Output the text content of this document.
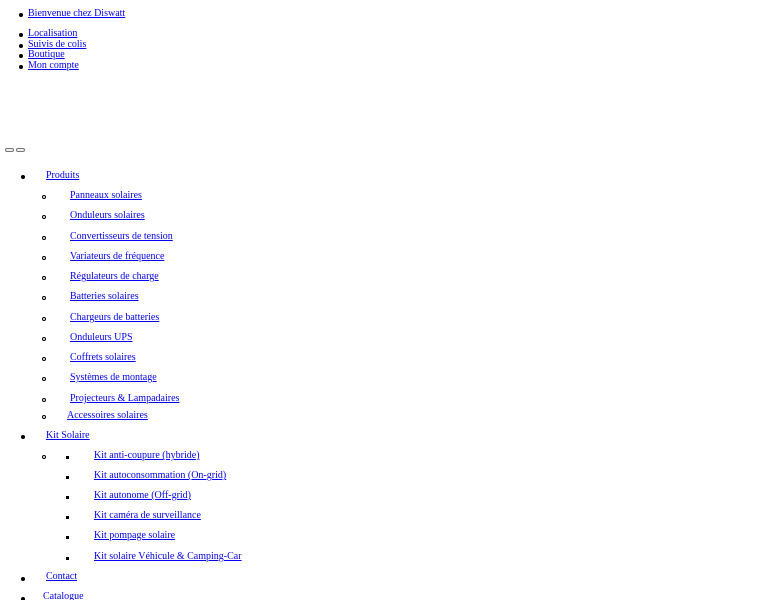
Bienvenue chez Diswatt
Localisation
Suivis de colis
Boutique
Mon compte
Produits
Panneaux solaires
Onduleurs solaires
Convertisseurs de tension
Variateurs de fréquence
Régulateurs de charge
Batteries solaires
Chargeurs de batteries
Onduleurs UPS
Coffrets solaires
Systèmes de montage
Projecteurs & Lampadaires
Accessoires solaires
Kit Solaire
Kit anti-coupure (hybride)
Kit autoconsommation (On-grid)
Kit autonome (Off-grid)
Kit caméra de surveillance
Kit pompage solaire
Kit solaire Véhicule & Camping-Car
Contact
Catalogue
